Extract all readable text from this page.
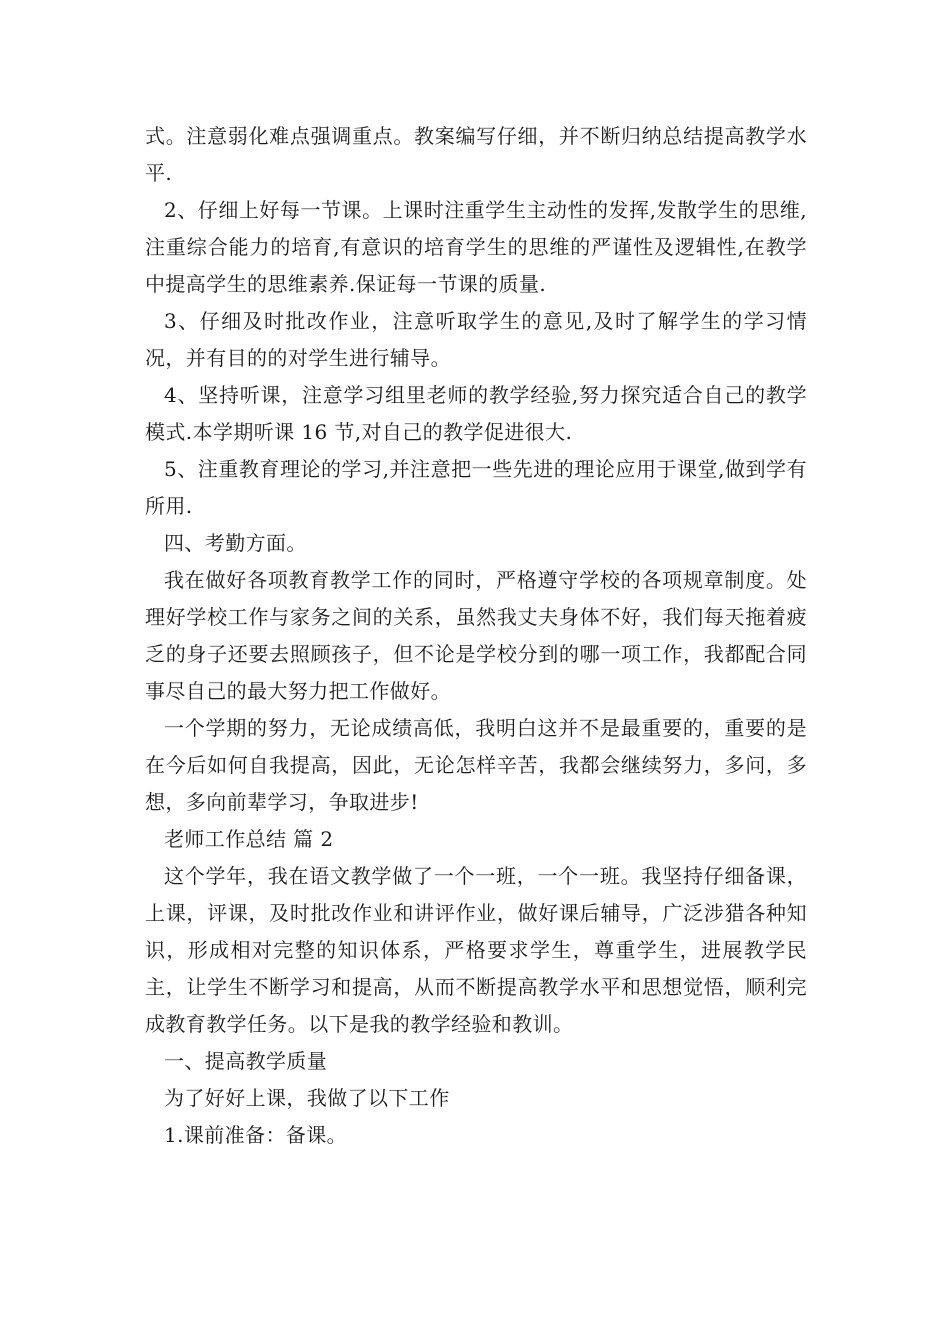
式。注意弱化难点强调重点。教案编写仔细，并不断归纳总结提高教学水平.

2、仔细上好每一节课。上课时注重学生主动性的发挥,发散学生的思维,注重综合能力的培育,有意识的培育学生的思维的严谨性及逻辑性,在教学中提高学生的思维素养.保证每一节课的质量.

3、仔细及时批改作业，注意听取学生的意见,及时了解学生的学习情况，并有目的的对学生进行辅导。

4、坚持听课，注意学习组里老师的教学经验,努力探究适合自己的教学模式.本学期听课 16 节,对自己的教学促进很大.

5、注重教育理论的学习,并注意把一些先进的理论应用于课堂,做到学有所用.

四、考勤方面。

我在做好各项教育教学工作的同时，严格遵守学校的各项规章制度。处理好学校工作与家务之间的关系，虽然我丈夫身体不好，我们每天拖着疲乏的身子还要去照顾孩子，但不论是学校分到的哪一项工作，我都配合同事尽自己的最大努力把工作做好。

一个学期的努力，无论成绩高低，我明白这并不是最重要的，重要的是在今后如何自我提高，因此，无论怎样辛苦，我都会继续努力，多问，多想，多向前辈学习，争取进步!

老师工作总结 篇 2

这个学年，我在语文教学做了一个一班，一个一班。我坚持仔细备课，上课，评课，及时批改作业和讲评作业，做好课后辅导，广泛涉猎各种知识，形成相对完整的知识体系，严格要求学生，尊重学生，进展教学民主，让学生不断学习和提高，从而不断提高教学水平和思想觉悟，顺利完成教育教学任务。以下是我的教学经验和教训。

一、提高教学质量

为了好好上课，我做了以下工作

1.课前准备：备课。
